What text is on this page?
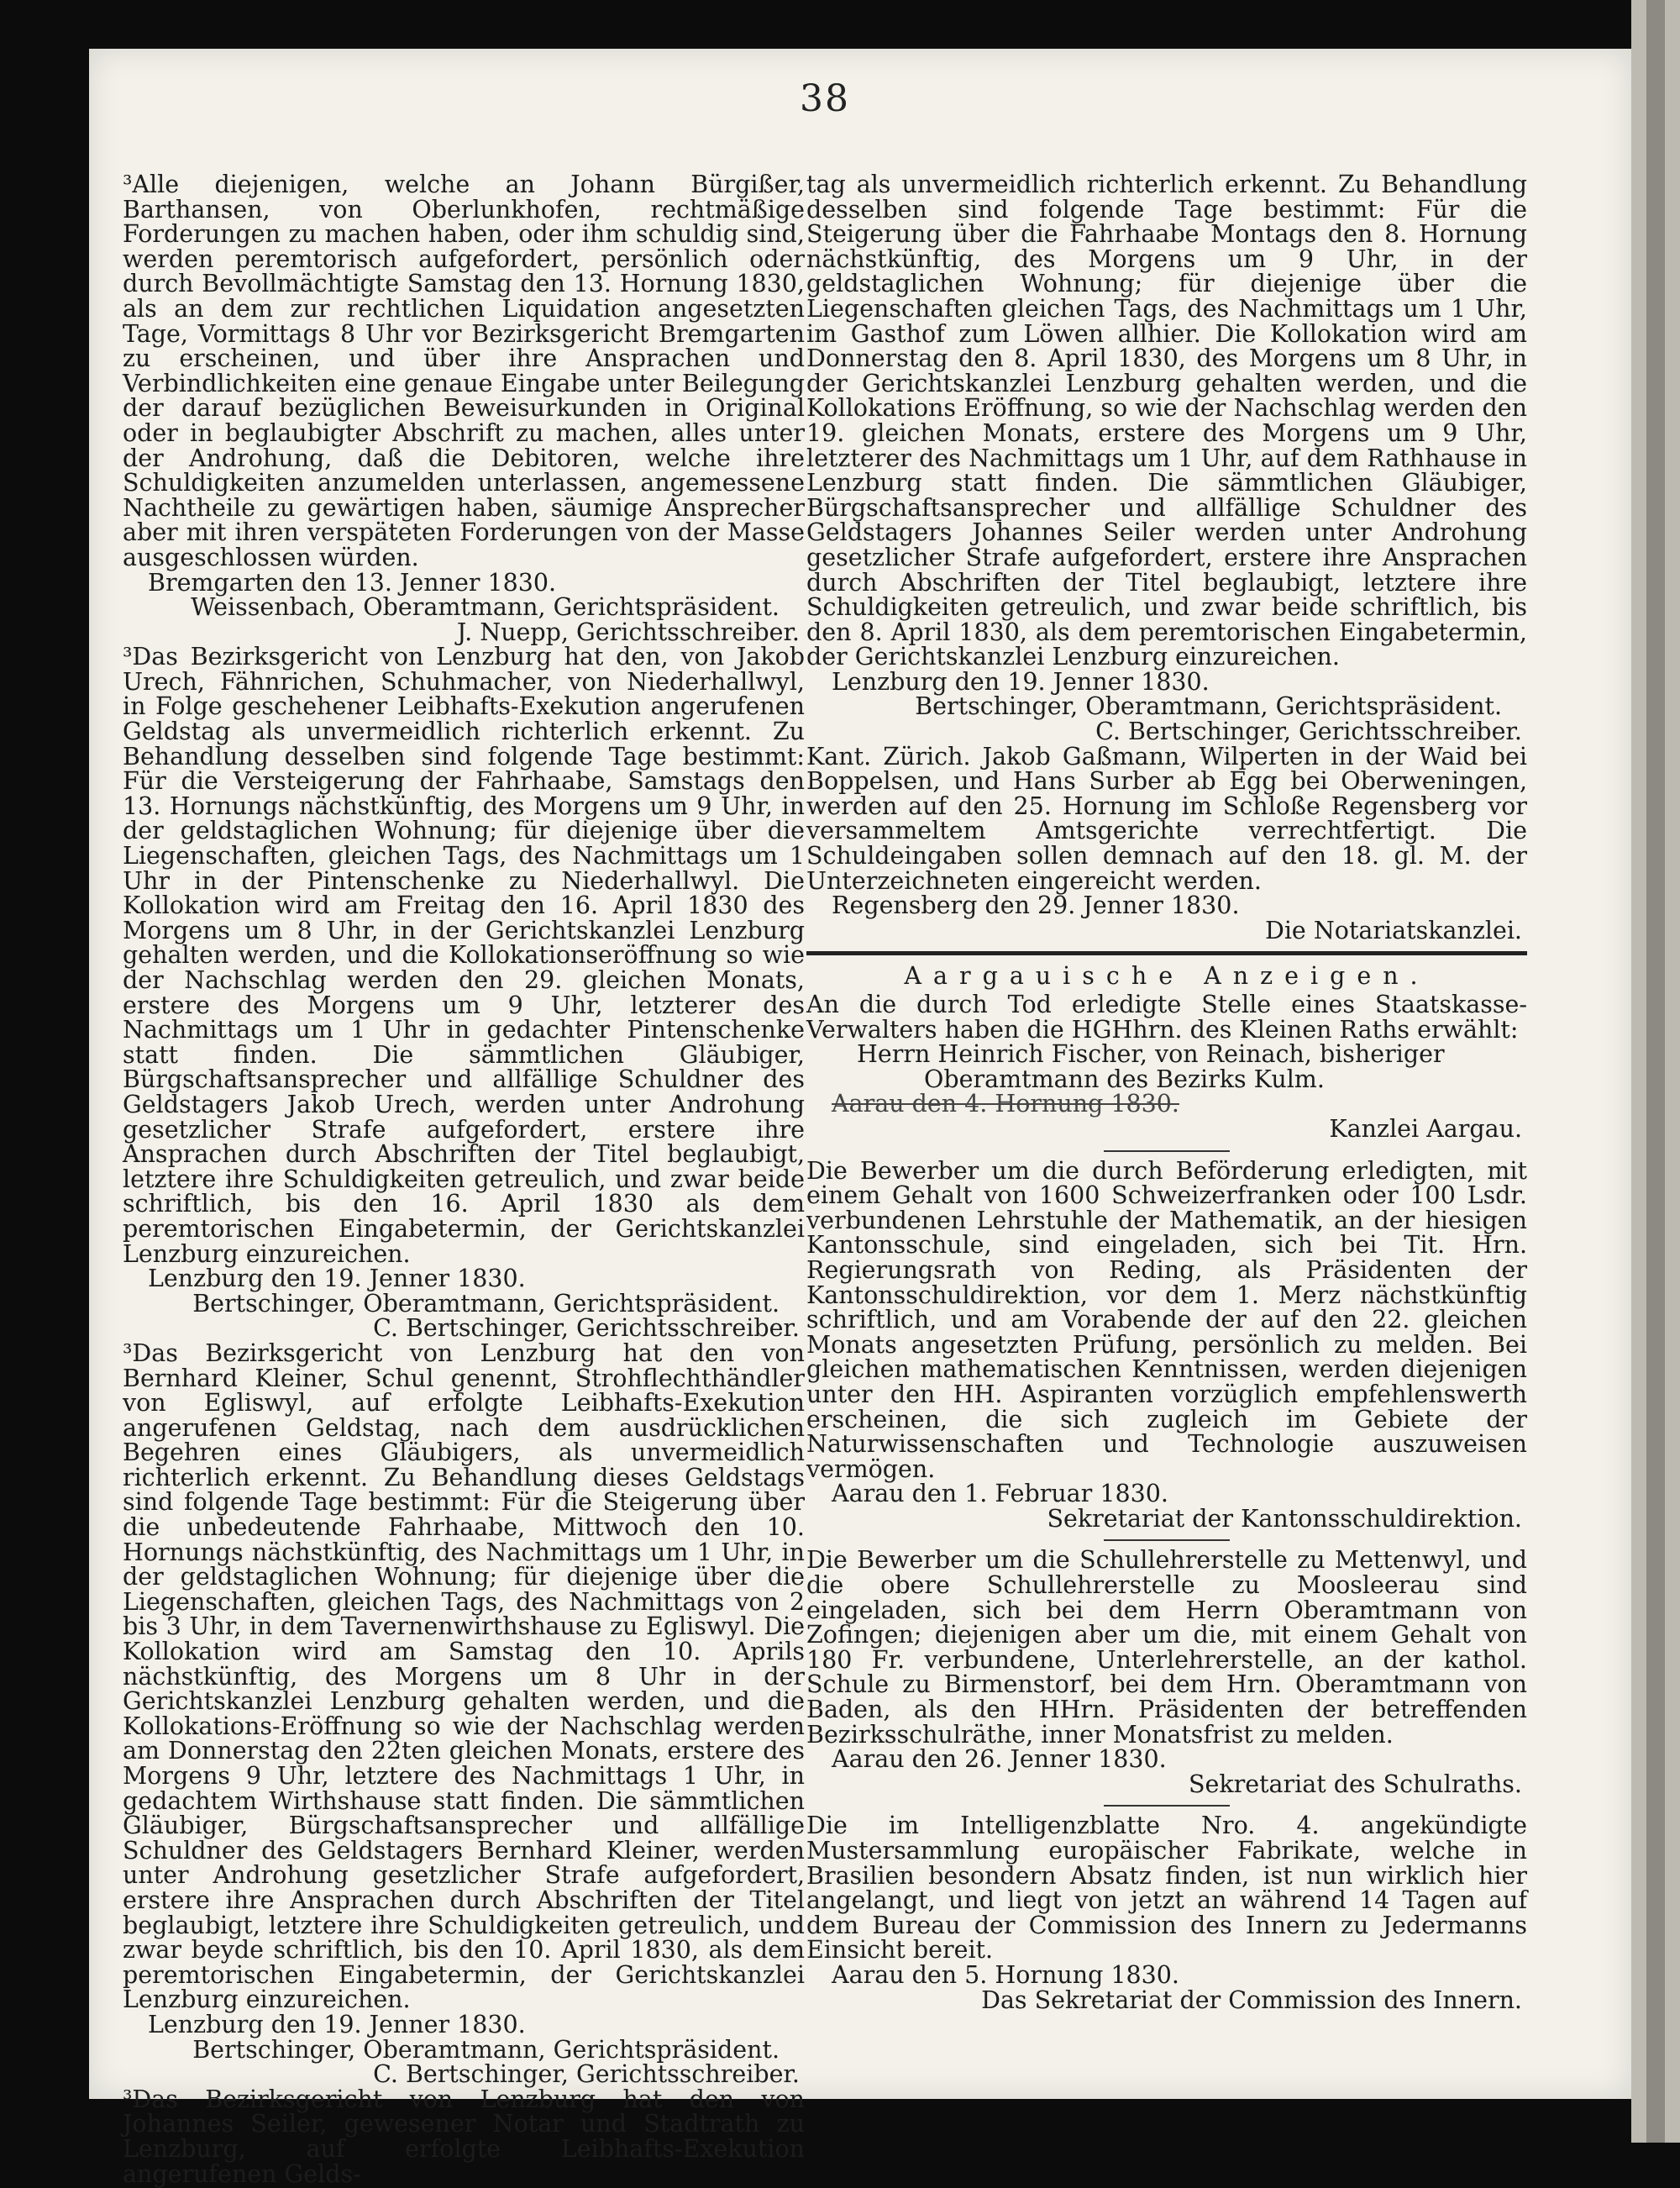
38

³Alle diejenigen, welche an Johann Bürgißer, Barthansen, von Oberlunkhofen, rechtmäßige Forderungen zu machen haben, oder ihm schuldig sind, werden peremtorisch aufgefordert, persönlich oder durch Bevollmächtigte Samstag den 13. Hornung 1830, als an dem zur rechtlichen Liquidation angesetzten Tage, Vormittags 8 Uhr vor Bezirksgericht Bremgarten zu erscheinen, und über ihre Ansprachen und Verbindlichkeiten eine genaue Eingabe unter Beilegung der darauf bezüglichen Beweisurkunden in Original oder in beglaubigter Abschrift zu machen, alles unter der Androhung, daß die Debitoren, welche ihre Schuldigkeiten anzumelden unterlassen, angemessene Nachtheile zu gewärtigen haben, säumige Ansprecher aber mit ihren verspäteten Forderungen von der Masse ausgeschlossen würden.

Bremgarten den 13. Jenner 1830.

Weissenbach, Oberamtmann, Gerichtspräsident.

J. Nuepp, Gerichtsschreiber.

³Das Bezirksgericht von Lenzburg hat den, von Jakob Urech, Fähnrichen, Schuhmacher, von Niederhallwyl, in Folge geschehener Leibhafts-Exekution angerufenen Geldstag als unvermeidlich richterlich erkennt. Zu Behandlung desselben sind folgende Tage bestimmt: Für die Versteigerung der Fahrhaabe, Samstags den 13. Hornungs nächstkünftig, des Morgens um 9 Uhr, in der geldstaglichen Wohnung; für diejenige über die Liegenschaften, gleichen Tags, des Nachmittags um 1 Uhr in der Pintenschenke zu Niederhallwyl. Die Kollokation wird am Freitag den 16. April 1830 des Morgens um 8 Uhr, in der Gerichtskanzlei Lenzburg gehalten werden, und die Kollokationseröffnung so wie der Nachschlag werden den 29. gleichen Monats, erstere des Morgens um 9 Uhr, letzterer des Nachmittags um 1 Uhr in gedachter Pintenschenke statt finden. Die sämmtlichen Gläubiger, Bürgschaftsansprecher und allfällige Schuldner des Geldstagers Jakob Urech, werden unter Androhung gesetzlicher Strafe aufgefordert, erstere ihre Ansprachen durch Abschriften der Titel beglaubigt, letztere ihre Schuldigkeiten getreulich, und zwar beide schriftlich, bis den 16. April 1830 als dem peremtorischen Eingabetermin, der Gerichtskanzlei Lenzburg einzureichen.

Lenzburg den 19. Jenner 1830.

Bertschinger, Oberamtmann, Gerichtspräsident.

C. Bertschinger, Gerichtsschreiber.

³Das Bezirksgericht von Lenzburg hat den von Bernhard Kleiner, Schul genennt, Strohflechthändler von Egliswyl, auf erfolgte Leibhafts-Exekution angerufenen Geldstag, nach dem ausdrücklichen Begehren eines Gläubigers, als unvermeidlich richterlich erkennt. Zu Behandlung dieses Geldstags sind folgende Tage bestimmt: Für die Steigerung über die unbedeutende Fahrhaabe, Mittwoch den 10. Hornungs nächstkünftig, des Nachmittags um 1 Uhr, in der geldstaglichen Wohnung; für diejenige über die Liegenschaften, gleichen Tags, des Nachmittags von 2 bis 3 Uhr, in dem Tavernenwirthshause zu Egliswyl. Die Kollokation wird am Samstag den 10. Aprils nächstkünftig, des Morgens um 8 Uhr in der Gerichtskanzlei Lenzburg gehalten werden, und die Kollokations-Eröffnung so wie der Nachschlag werden am Donnerstag den 22ten gleichen Monats, erstere des Morgens 9 Uhr, letztere des Nachmittags 1 Uhr, in gedachtem Wirthshause statt finden. Die sämmtlichen Gläubiger, Bürgschaftsansprecher und allfällige Schuldner des Geldstagers Bernhard Kleiner, werden unter Androhung gesetzlicher Strafe aufgefordert, erstere ihre Ansprachen durch Abschriften der Titel beglaubigt, letztere ihre Schuldigkeiten getreulich, und zwar beyde schriftlich, bis den 10. April 1830, als dem peremtorischen Eingabetermin, der Gerichtskanzlei Lenzburg einzureichen.

Lenzburg den 19. Jenner 1830.

Bertschinger, Oberamtmann, Gerichtspräsident.

C. Bertschinger, Gerichtsschreiber.

³Das Bezirksgericht von Lenzburg hat den von Johannes Seiler, gewesener Notar und Stadtrath zu Lenzburg, auf erfolgte Leibhafts-Exekution angerufenen Gelds-

tag als unvermeidlich richterlich erkennt. Zu Behandlung desselben sind folgende Tage bestimmt: Für die Steigerung über die Fahrhaabe Montags den 8. Hornung nächstkünftig, des Morgens um 9 Uhr, in der geldstaglichen Wohnung; für diejenige über die Liegenschaften gleichen Tags, des Nachmittags um 1 Uhr, im Gasthof zum Löwen allhier. Die Kollokation wird am Donnerstag den 8. April 1830, des Morgens um 8 Uhr, in der Gerichtskanzlei Lenzburg gehalten werden, und die Kollokations Eröffnung, so wie der Nachschlag werden den 19. gleichen Monats, erstere des Morgens um 9 Uhr, letzterer des Nachmittags um 1 Uhr, auf dem Rathhause in Lenzburg statt finden. Die sämmtlichen Gläubiger, Bürgschaftsansprecher und allfällige Schuldner des Geldstagers Johannes Seiler werden unter Androhung gesetzlicher Strafe aufgefordert, erstere ihre Ansprachen durch Abschriften der Titel beglaubigt, letztere ihre Schuldigkeiten getreulich, und zwar beide schriftlich, bis den 8. April 1830, als dem peremtorischen Eingabetermin, der Gerichtskanzlei Lenzburg einzureichen.

Lenzburg den 19. Jenner 1830.

Bertschinger, Oberamtmann, Gerichtspräsident.

C. Bertschinger, Gerichtsschreiber.

Kant. Zürich. Jakob Gaßmann, Wilperten in der Waid bei Boppelsen, und Hans Surber ab Egg bei Oberweningen, werden auf den 25. Hornung im Schloße Regensberg vor versammeltem Amtsgerichte verrechtfertigt. Die Schuldeingaben sollen demnach auf den 18. gl. M. der Unterzeichneten eingereicht werden.

Regensberg den 29. Jenner 1830.

Die Notariatskanzlei.

Aargauische Anzeigen.

An die durch Tod erledigte Stelle eines Staatskasse-Verwalters haben die HGHhrn. des Kleinen Raths erwählt:

Herrn Heinrich Fischer, von Reinach, bisheriger

Oberamtmann des Bezirks Kulm.

Aarau den 4. Hornung 1830.

Kanzlei Aargau.

Die Bewerber um die durch Beförderung erledigten, mit einem Gehalt von 1600 Schweizerfranken oder 100 Lsdr. verbundenen Lehrstuhle der Mathematik, an der hiesigen Kantonsschule, sind eingeladen, sich bei Tit. Hrn. Regierungsrath von Reding, als Präsidenten der Kantonsschuldirektion, vor dem 1. Merz nächstkünftig schriftlich, und am Vorabende der auf den 22. gleichen Monats angesetzten Prüfung, persönlich zu melden. Bei gleichen mathematischen Kenntnissen, werden diejenigen unter den HH. Aspiranten vorzüglich empfehlenswerth erscheinen, die sich zugleich im Gebiete der Naturwissenschaften und Technologie auszuweisen vermögen.

Aarau den 1. Februar 1830.

Sekretariat der Kantonsschuldirektion.

Die Bewerber um die Schullehrerstelle zu Mettenwyl, und die obere Schullehrerstelle zu Moosleerau sind eingeladen, sich bei dem Herrn Oberamtmann von Zofingen; diejenigen aber um die, mit einem Gehalt von 180 Fr. verbundene, Unterlehrerstelle, an der kathol. Schule zu Birmenstorf, bei dem Hrn. Oberamtmann von Baden, als den HHrn. Präsidenten der betreffenden Bezirksschulräthe, inner Monatsfrist zu melden.

Aarau den 26. Jenner 1830.

Sekretariat des Schulraths.

Die im Intelligenzblatte Nro. 4. angekündigte Mustersammlung europäischer Fabrikate, welche in Brasilien besondern Absatz finden, ist nun wirklich hier angelangt, und liegt von jetzt an während 14 Tagen auf dem Bureau der Commission des Innern zu Jedermanns Einsicht bereit.

Aarau den 5. Hornung 1830.

Das Sekretariat der Commission des Innern.
